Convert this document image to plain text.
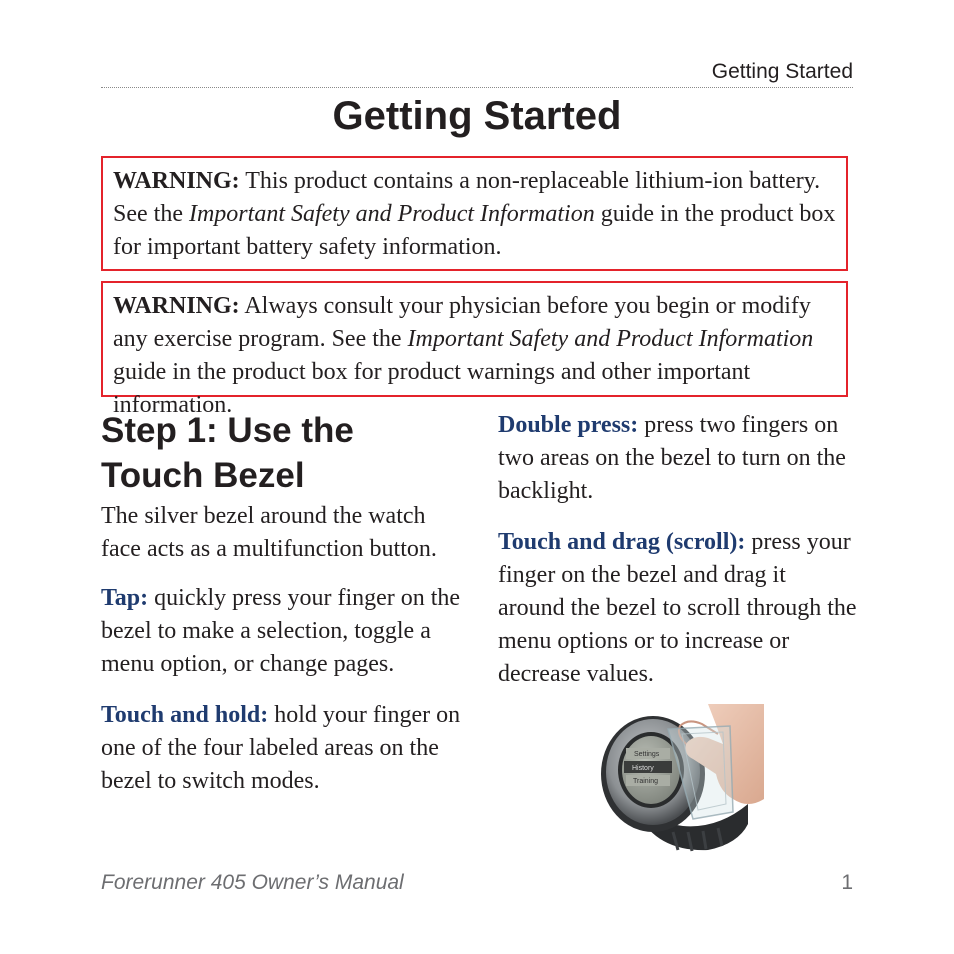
Getting Started
Getting Started
WARNING: This product contains a non-replaceable lithium-ion battery. See the Important Safety and Product Information guide in the product box for important battery safety information.
WARNING: Always consult your physician before you begin or modify any exercise program. See the Important Safety and Product Information guide in the product box for product warnings and other important information.
Step 1: Use the
Touch Bezel

The silver bezel around the watch face acts as a multifunction button.

Tap: quickly press your finger on the bezel to make a selection, toggle a menu option, or change pages.

Touch and hold: hold your finger on one of the four labeled areas on the bezel to switch modes.

Double press: press two fingers on two areas on the bezel to turn on the backlight.

Touch and drag (scroll): press your finger on the bezel and drag it around the bezel to scroll through the menu options or to increase or decrease values.

Settings
History
Training
Forerunner 405 Owner’s Manual	1
